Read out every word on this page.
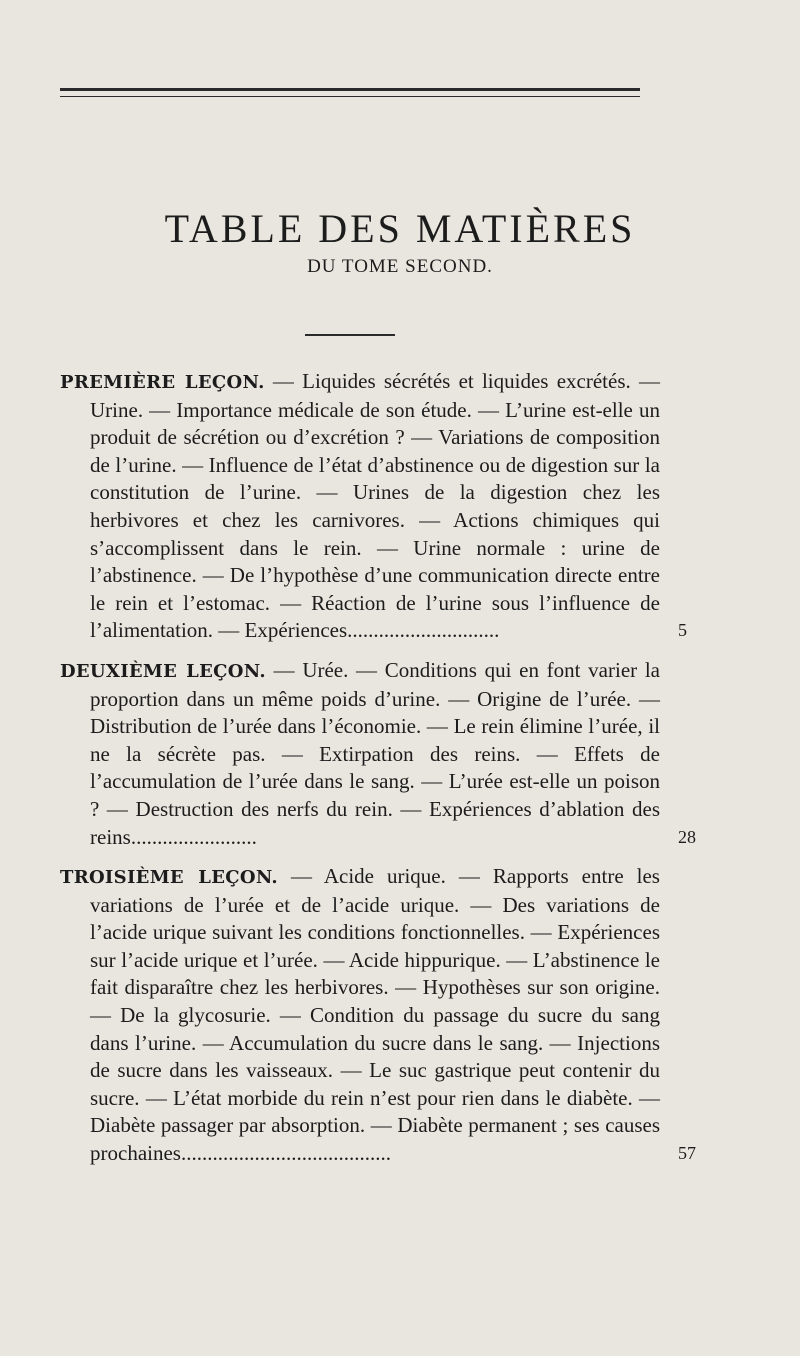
TABLE DES MATIÈRES
DU TOME SECOND.
PREMIÈRE LEÇON. — Liquides sécrétés et liquides excrétés. — Urine. — Importance médicale de son étude. — L’urine est-elle un produit de sécrétion ou d’excrétion ? — Variations de composition de l’urine. — Influence de l’état d’abstinence ou de digestion sur la constitution de l’urine. — Urines de la digestion chez les herbivores et chez les carnivores. — Actions chimiques qui s’accomplissent dans le rein. — Urine normale : urine de l’abstinence. — De l’hypothèse d’une communication directe entre le rein et l’estomac. — Réaction de l’urine sous l’influence de l’alimentation. — Expériences.............................	5
DEUXIÈME LEÇON. — Urée. — Conditions qui en font varier la proportion dans un même poids d’urine. — Origine de l’urée. — Distribution de l’urée dans l’économie. — Le rein élimine l’urée, il ne la sécrète pas. — Extirpation des reins. — Effets de l’accumulation de l’urée dans le sang. — L’urée est-elle un poison ? — Destruction des nerfs du rein. — Expériences d’ablation des reins........................	28
TROISIÈME LEÇON. — Acide urique. — Rapports entre les variations de l’urée et de l’acide urique. — Des variations de l’acide urique suivant les conditions fonctionnelles. — Expériences sur l’acide urique et l’urée. — Acide hippurique. — L’abstinence le fait disparaître chez les herbivores. — Hypothèses sur son origine. — De la glycosurie. — Condition du passage du sucre du sang dans l’urine. — Accumulation du sucre dans le sang. — Injections de sucre dans les vaisseaux. — Le suc gastrique peut contenir du sucre. — L’état morbide du rein n’est pour rien dans le diabète. — Diabète passager par absorption. — Diabète permanent ; ses causes prochaines........................................	57
